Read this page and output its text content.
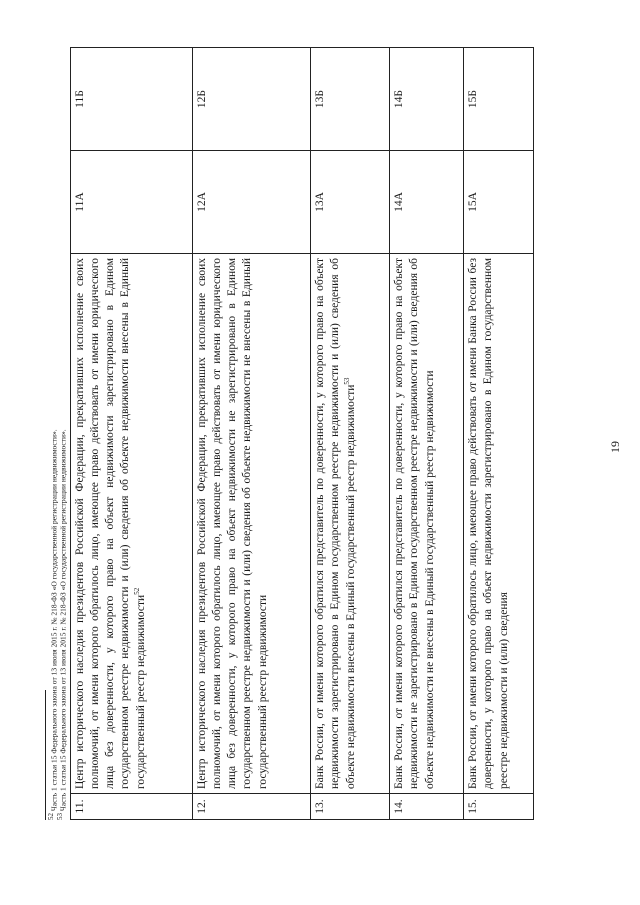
19
11.	Центр исторического наследия президентов Российской Федерации, прекративших исполнение своих полномочий, от имени которого обратилось лицо, имеющее право действовать от имени юридического лица без доверенности, у которого право на объект недвижимости зарегистрировано в Едином государственном реестре недвижимости и (или) сведения об объекте недвижимости внесены в Единый государственный реестр недвижимости$^{52}$	11А	11Б
12.	Центр исторического наследия президентов Российской Федерации, прекративших исполнение своих полномочий, от имени которого обратилось лицо, имеющее право действовать от имени юридического лица без доверенности, у которого право на объект недвижимости не зарегистрировано в Едином государственном реестре недвижимости и (или) сведения об объекте недвижимости не внесены в Единый государственный реестр недвижимости	12А	12Б
13.	Банк России, от имени которого обратился представитель по доверенности, у которого право на объект недвижимости зарегистрировано в Едином государственном реестре недвижимости и (или) сведения об объекте недвижимости внесены в Единый государственный реестр недвижимости$^{53}$	13А	13Б
14.	Банк России, от имени которого обратился представитель по доверенности, у которого право на объект недвижимости не зарегистрировано в Едином государственном реестре недвижимости и (или) сведения об объекте недвижимости не внесены в Единый государственный реестр недвижимости	14А	14Б
15.	Банк России, от имени которого обратилось лицо, имеющее право действовать от имени Банка России без доверенности, у которого право на объект недвижимости зарегистрировано в Едином государственном реестре недвижимости и (или) сведения	15А	15Б
$^{52}$ Часть 1 статьи 15 Федерального закона от 13 июля 2015 г. № 218-ФЗ «О государственной регистрации недвижимости».
$^{53}$ Часть 1 статьи 15 Федерального закона от 13 июля 2015 г. № 218-ФЗ «О государственной регистрации недвижимости».
